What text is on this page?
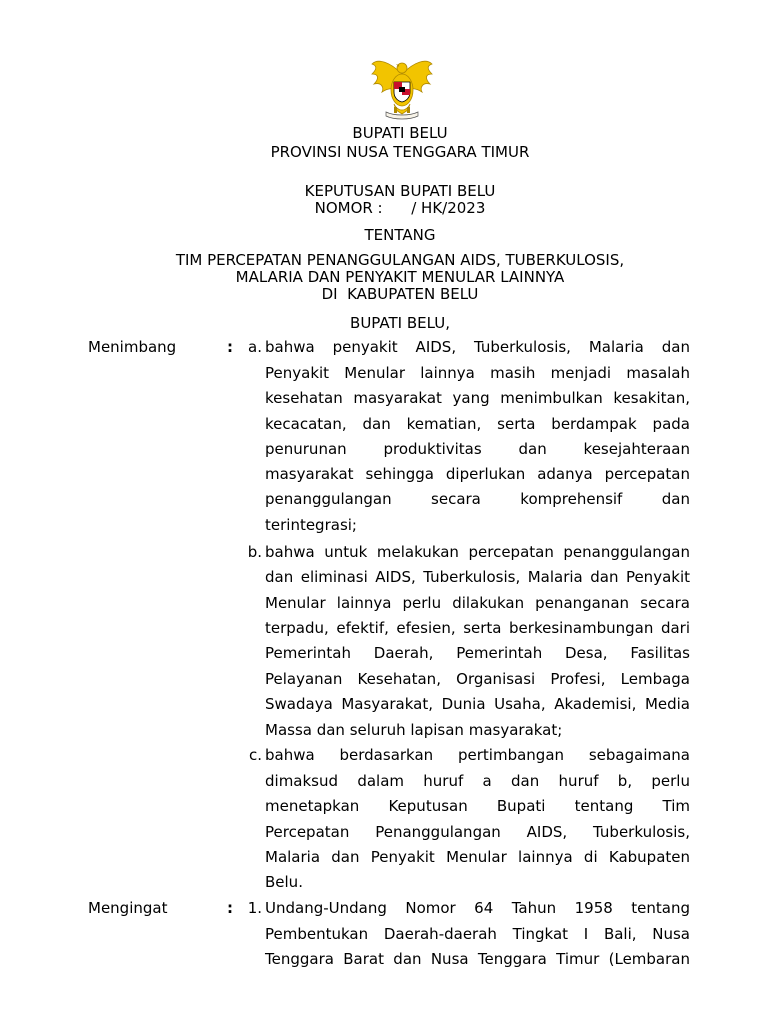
BUPATI BELU
PROVINSI NUSA TENGGARA TIMUR
KEPUTUSAN BUPATI BELU
NOMOR :      / HK/2023
TENTANG
TIM PERCEPATAN PENANGGULANGAN AIDS, TUBERKULOSIS,
MALARIA DAN PENYAKIT MENULAR LAINNYA
DI  KABUPATEN BELU
BUPATI BELU,
Menimbang	:	a. bahwa penyakit AIDS, Tuberkulosis, Malaria dan
Penyakit Menular lainnya masih menjadi masalah
kesehatan masyarakat yang menimbulkan kesakitan,
kecacatan, dan kematian, serta berdampak pada
penurunan produktivitas dan kesejahteraan
masyarakat sehingga diperlukan adanya percepatan
penanggulangan secara komprehensif dan
terintegrasi;
b. bahwa untuk melakukan percepatan penanggulangan
dan eliminasi AIDS, Tuberkulosis, Malaria dan Penyakit
Menular lainnya perlu dilakukan penanganan secara
terpadu, efektif, efesien, serta berkesinambungan dari
Pemerintah Daerah, Pemerintah Desa, Fasilitas
Pelayanan Kesehatan, Organisasi Profesi, Lembaga
Swadaya Masyarakat, Dunia Usaha, Akademisi, Media
Massa dan seluruh lapisan masyarakat;
c. bahwa berdasarkan pertimbangan sebagaimana
dimaksud dalam huruf a dan huruf b, perlu
menetapkan Keputusan Bupati tentang Tim
Percepatan Penanggulangan AIDS, Tuberkulosis,
Malaria dan Penyakit Menular lainnya di Kabupaten
Belu.
Mengingat	: 1. Undang-Undang Nomor 64 Tahun 1958 tentang
Pembentukan Daerah-daerah Tingkat I Bali, Nusa
Tenggara Barat dan Nusa Tenggara Timur (Lembaran
